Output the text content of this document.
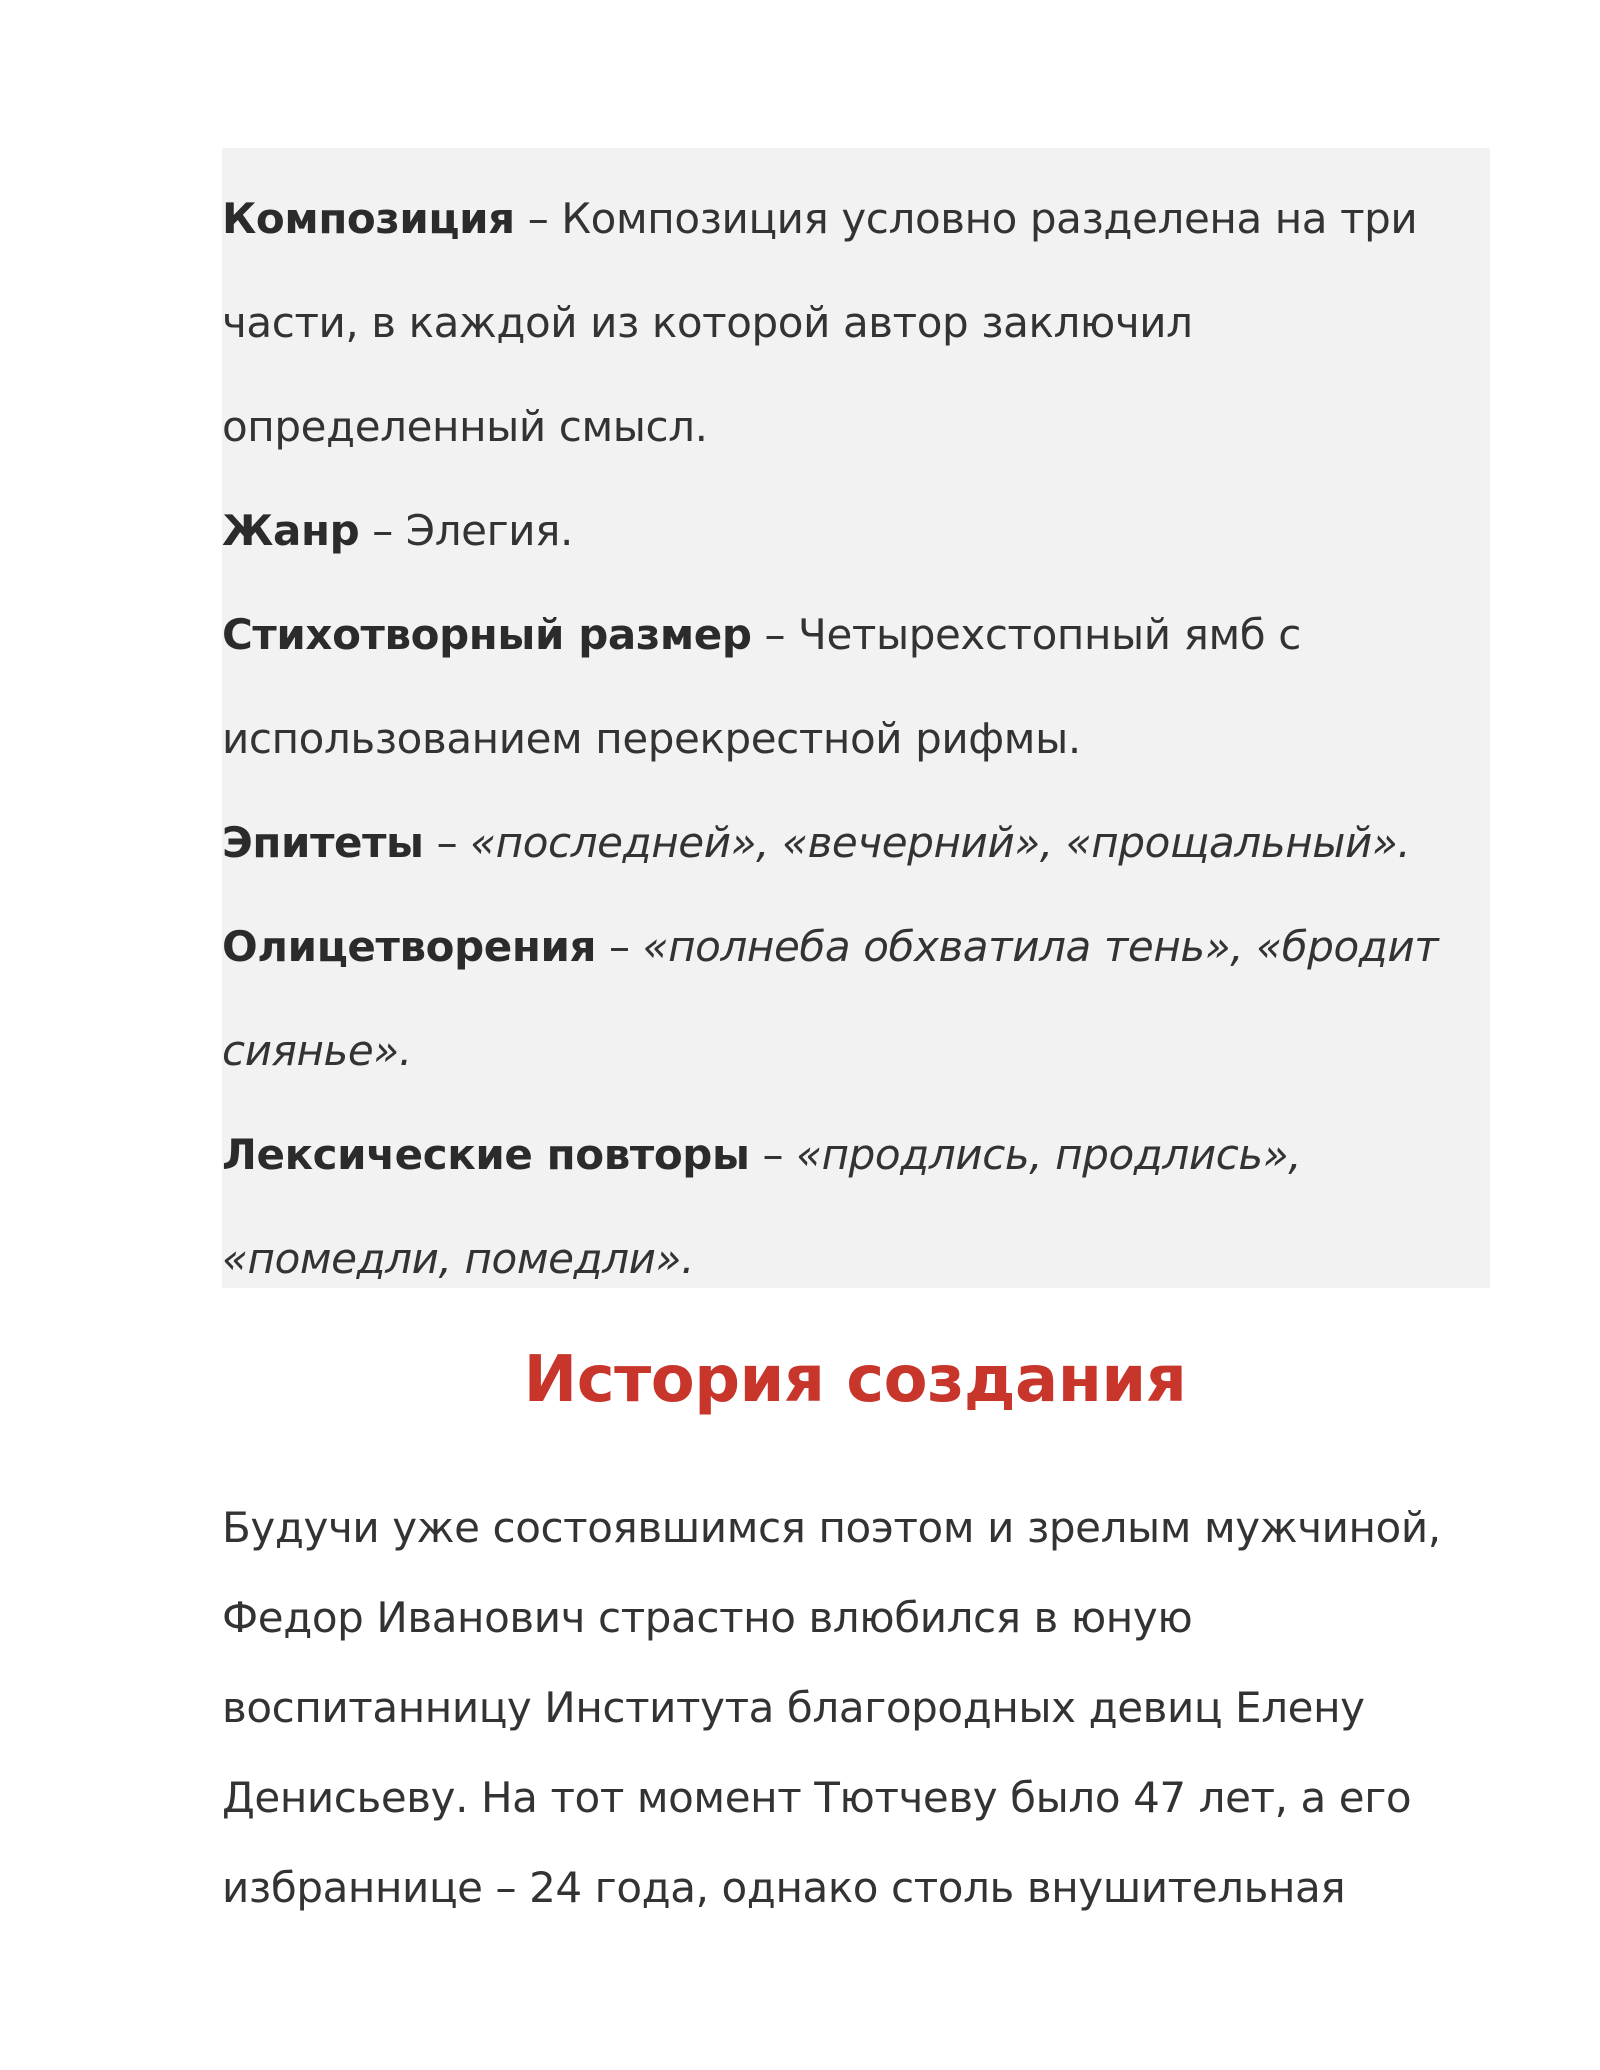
Композиция – Композиция условно разделена на три части, в каждой из которой автор заключил определенный смысл.

Жанр – Элегия.

Стихотворный размер – Четырехстопный ямб с использованием перекрестной рифмы.

Эпитеты – «последней», «вечерний», «прощальный».

Олицетворения – «полнеба обхватила тень», «бродит сиянье».

Лексические повторы – «продлись, продлись», «помедли, помедли».

История создания

Будучи уже состоявшимся поэтом и зрелым мужчиной, Федор Иванович страстно влюбился в юную воспитанницу Института благородных девиц Елену Денисьеву. На тот момент Тютчеву было 47 лет, а его избраннице – 24 года, однако столь внушительная
